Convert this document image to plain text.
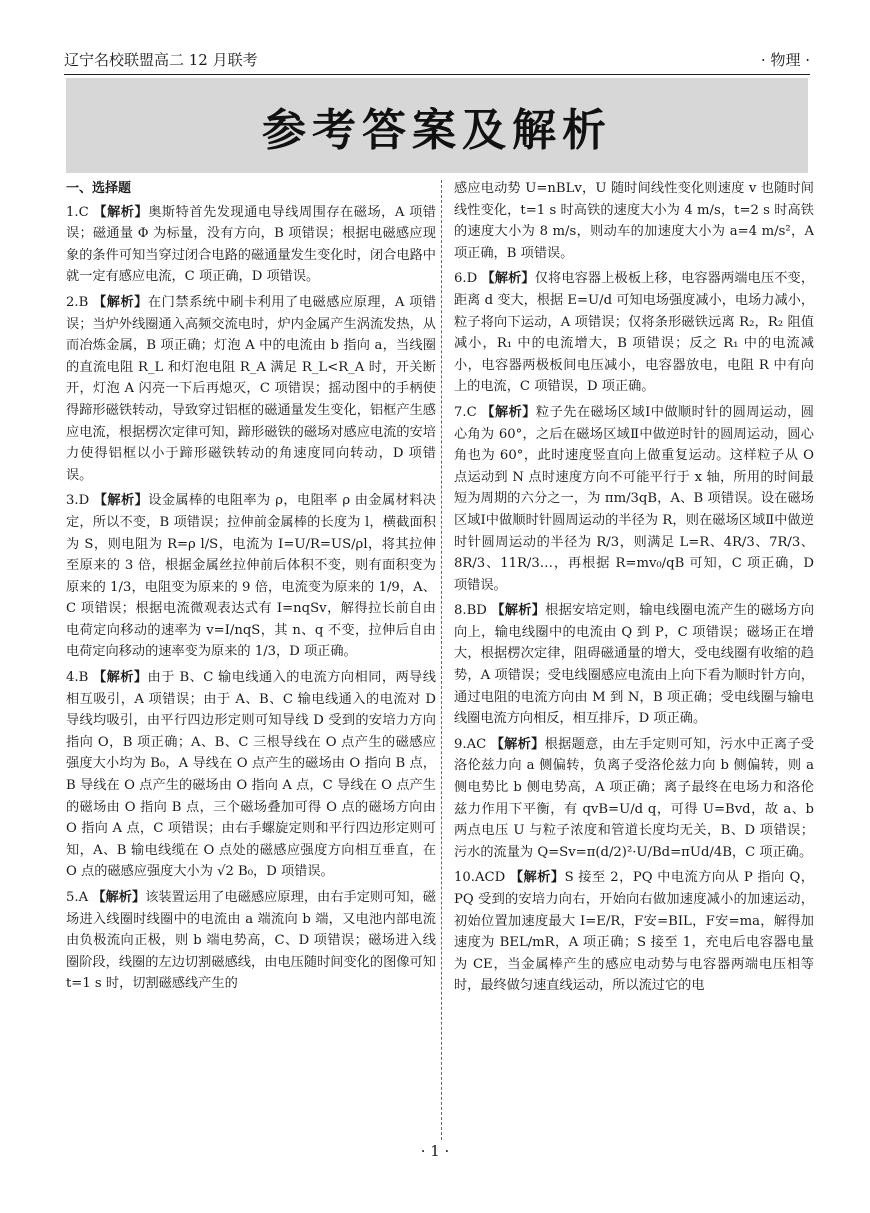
辽宁名校联盟高二 12 月联考	· 物理 ·
参考答案及解析
一、选择题

1.C 【解析】奥斯特首先发现通电导线周围存在磁场，A 项错误；磁通量 Φ 为标量，没有方向，B 项错误；根据电磁感应现象的条件可知当穿过闭合电路的磁通量发生变化时，闭合电路中就一定有感应电流，C 项正确，D 项错误。

2.B 【解析】在门禁系统中刷卡利用了电磁感应原理，A 项错误；当炉外线圈通入高频交流电时，炉内金属产生涡流发热，从而冶炼金属，B 项正确；灯泡 A 中的电流由 b 指向 a，当线圈的直流电阻 R_L 和灯泡电阻 R_A 满足 R_L<R_A 时，开关断开，灯泡 A 闪亮一下后再熄灭，C 项错误；摇动图中的手柄使得蹄形磁铁转动，导致穿过铝框的磁通量发生变化，铝框产生感应电流，根据楞次定律可知，蹄形磁铁的磁场对感应电流的安培力使得铝框以小于蹄形磁铁转动的角速度同向转动，D 项错误。

3.D 【解析】设金属棒的电阻率为 ρ，电阻率 ρ 由金属材料决定，所以不变，B 项错误；拉伸前金属棒的长度为 l，横截面积为 S，则电阻为 R=ρ l/S，电流为 I=U/R=US/ρl，将其拉伸至原来的 3 倍，根据金属丝拉伸前后体积不变，则有面积变为原来的 1/3，电阻变为原来的 9 倍，电流变为原来的 1/9，A、C 项错误；根据电流微观表达式有 I=nqSv，解得拉长前自由电荷定向移动的速率为 v=I/nqS，其 n、q 不变，拉伸后自由电荷定向移动的速率变为原来的 1/3，D 项正确。

4.B 【解析】由于 B、C 输电线通入的电流方向相同，两导线相互吸引，A 项错误；由于 A、B、C 输电线通入的电流对 D 导线均吸引，由平行四边形定则可知导线 D 受到的安培力方向指向 O，B 项正确；A、B、C 三根导线在 O 点产生的磁感应强度大小均为 B₀，A 导线在 O 点产生的磁场由 O 指向 B 点，B 导线在 O 点产生的磁场由 O 指向 A 点，C 导线在 O 点产生的磁场由 O 指向 B 点，三个磁场叠加可得 O 点的磁场方向由 O 指向 A 点，C 项错误；由右手螺旋定则和平行四边形定则可知，A、B 输电线缆在 O 点处的磁感应强度方向相互垂直，在 O 点的磁感应强度大小为 √2 B₀，D 项错误。

5.A 【解析】该装置运用了电磁感应原理，由右手定则可知，磁场进入线圈时线圈中的电流由 a 端流向 b 端，又电池内部电流由负极流向正极，则 b 端电势高，C、D 项错误；磁场进入线圈阶段，线圈的左边切割磁感线，由电压随时间变化的图像可知 t=1 s 时，切割磁感线产生的

感应电动势 U=nBLv，U 随时间线性变化则速度 v 也随时间线性变化，t=1 s 时高铁的速度大小为 4 m/s，t=2 s 时高铁的速度大小为 8 m/s，则动车的加速度大小为 a=4 m/s²，A 项正确，B 项错误。

6.D 【解析】仅将电容器上极板上移，电容器两端电压不变，距离 d 变大，根据 E=U/d 可知电场强度减小，电场力减小，粒子将向下运动，A 项错误；仅将条形磁铁远离 R₂，R₂ 阻值减小，R₁ 中的电流增大，B 项错误；反之 R₁ 中的电流减小，电容器两极板间电压减小，电容器放电，电阻 R 中有向上的电流，C 项错误，D 项正确。

7.C 【解析】粒子先在磁场区域Ⅰ中做顺时针的圆周运动，圆心角为 60°，之后在磁场区域Ⅱ中做逆时针的圆周运动，圆心角也为 60°，此时速度竖直向上做重复运动。这样粒子从 O 点运动到 N 点时速度方向不可能平行于 x 轴，所用的时间最短为周期的六分之一，为 πm/3qB，A、B 项错误。设在磁场区域Ⅰ中做顺时针圆周运动的半径为 R，则在磁场区域Ⅱ中做逆时针圆周运动的半径为 R/3，则满足 L=R、4R/3、7R/3、8R/3、11R/3…，再根据 R=mv₀/qB 可知，C 项正确，D 项错误。

8.BD 【解析】根据安培定则，输电线圈电流产生的磁场方向向上，输电线圈中的电流由 Q 到 P，C 项错误；磁场正在增大，根据楞次定律，阻碍磁通量的增大，受电线圈有收缩的趋势，A 项错误；受电线圈感应电流由上向下看为顺时针方向，通过电阻的电流方向由 M 到 N，B 项正确；受电线圈与输电线圈电流方向相反，相互排斥，D 项正确。

9.AC 【解析】根据题意，由左手定则可知，污水中正离子受洛伦兹力向 a 侧偏转，负离子受洛伦兹力向 b 侧偏转，则 a 侧电势比 b 侧电势高，A 项正确；离子最终在电场力和洛伦兹力作用下平衡，有 qvB=U/d q，可得 U=Bvd，故 a、b 两点电压 U 与粒子浓度和管道长度均无关，B、D 项错误；污水的流量为 Q=Sv=π(d/2)²·U/Bd=πUd/4B，C 项正确。

10.ACD 【解析】S 接至 2，PQ 中电流方向从 P 指向 Q，PQ 受到的安培力向右，开始向右做加速度减小的加速运动，初始位置加速度最大 I=E/R，F安=BIL，F安=ma，解得加速度为 BEL/mR，A 项正确；S 接至 1，充电后电容器电量为 CE，当金属棒产生的感应电动势与电容器两端电压相等时，最终做匀速直线运动，所以流过它的电

· 1 ·
